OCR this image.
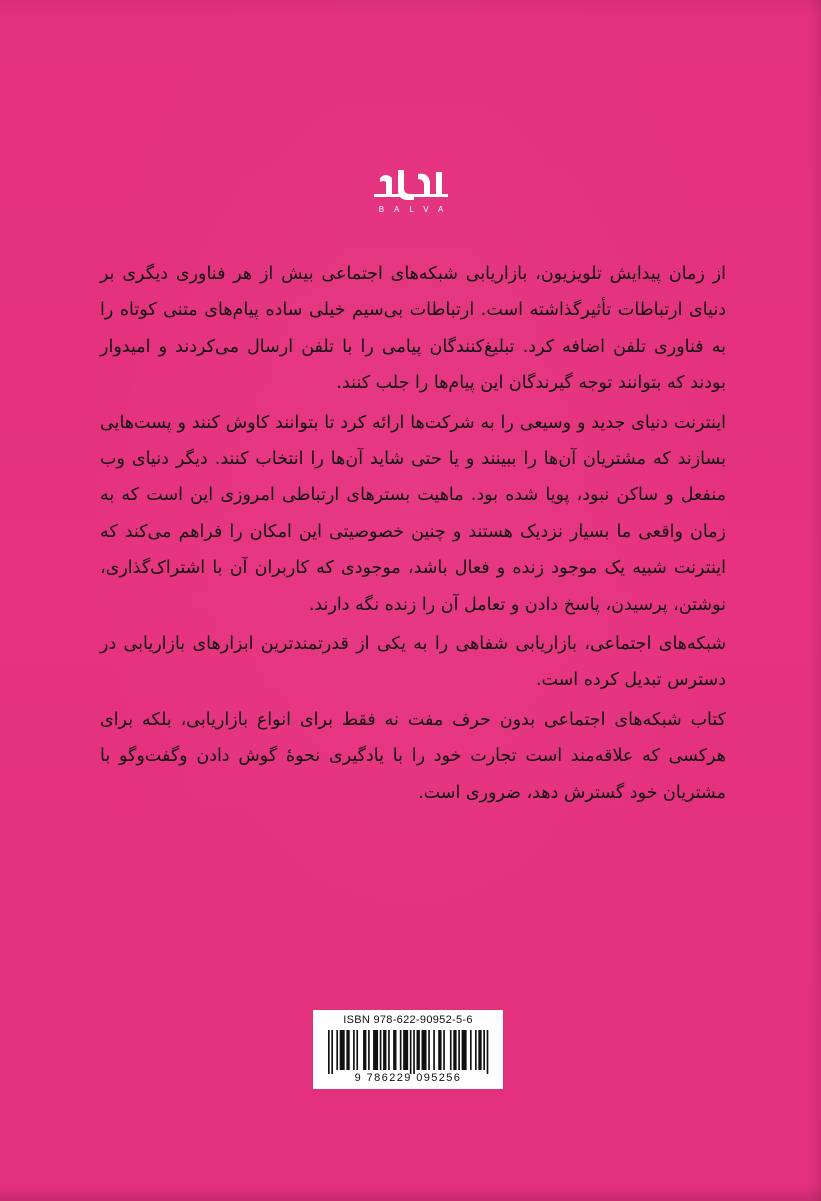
BALVA

از زمان پیدایش تلویزیون، بازاریابی شبکه‌های اجتماعی بیش از هر فناوری دیگری بر دنیای ارتباطات تأثیرگذاشته است. ارتباطات بی‌سیم خیلی ساده پیام‌های متنی کوتاه را به فناوری تلفن اضافه کرد. تبلیغ‌کنندگان پیامی را با تلفن ارسال می‌کردند و امیدوار بودند که بتوانند توجه گیرندگان این پیام‌ها را جلب کنند.

اینترنت دنیای جدید و وسیعی را به شرکت‌ها ارائه کرد تا بتوانند کاوش کنند و پست‌هایی بسازند که مشتریان آن‌ها را ببینند و یا حتی شاید آن‌ها را انتخاب کنند. دیگر دنیای وب منفعل و ساکن نبود، پویا شده بود. ماهیت بسترهای ارتباطی امروزی این است که به زمان واقعی ما بسیار نزدیک هستند و چنین خصوصیتی این امکان را فراهم می‌کند که اینترنت شبیه یک موجود زنده و فعال باشد، موجودی که کاربران آن با اشتراک‌گذاری، نوشتن، پرسیدن، پاسخ دادن و تعامل آن را زنده نگه دارند.

شبکه‌های اجتماعی، بازاریابی شفاهی را به یکی از قدرتمندترین ابزارهای بازاریابی در دسترس تبدیل کرده است.

کتاب شبکه‌های اجتماعی بدون حرف مفت نه فقط برای انواع بازاریابی، بلکه برای هرکسی که علاقه‌مند است تجارت خود را با یادگیری نحوهٔ گوش دادن وگفت‌وگو با مشتریان خود گسترش دهد، ضروری است.

ISBN 978-622-90952-5-6
9 786229 095256
